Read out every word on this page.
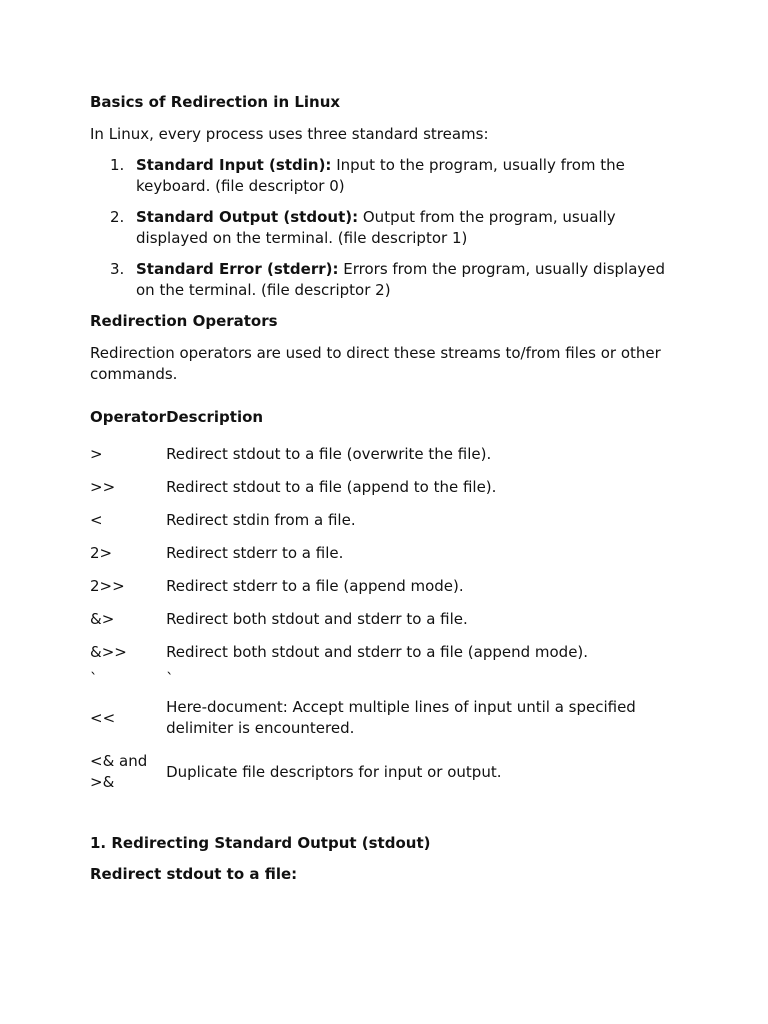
Basics of Redirection in Linux

In Linux, every process uses three standard streams:

1. Standard Input (stdin): Input to the program, usually from the keyboard. (file descriptor 0)
2. Standard Output (stdout): Output from the program, usually displayed on the terminal. (file descriptor 1)
3. Standard Error (stderr): Errors from the program, usually displayed on the terminal. (file descriptor 2)

Redirection Operators

Redirection operators are used to direct these streams to/from files or other commands.

Operator	Description
>	Redirect stdout to a file (overwrite the file).
>>	Redirect stdout to a file (append to the file).
<	Redirect stdin from a file.
2>	Redirect stderr to a file.
2>>	Redirect stderr to a file (append mode).
&>	Redirect both stdout and stderr to a file.
&>>	Redirect both stdout and stderr to a file (append mode).
`	`
<<	Here-document: Accept multiple lines of input until a specified delimiter is encountered.
<& and >&	Duplicate file descriptors for input or output.

1. Redirecting Standard Output (stdout)

Redirect stdout to a file:
